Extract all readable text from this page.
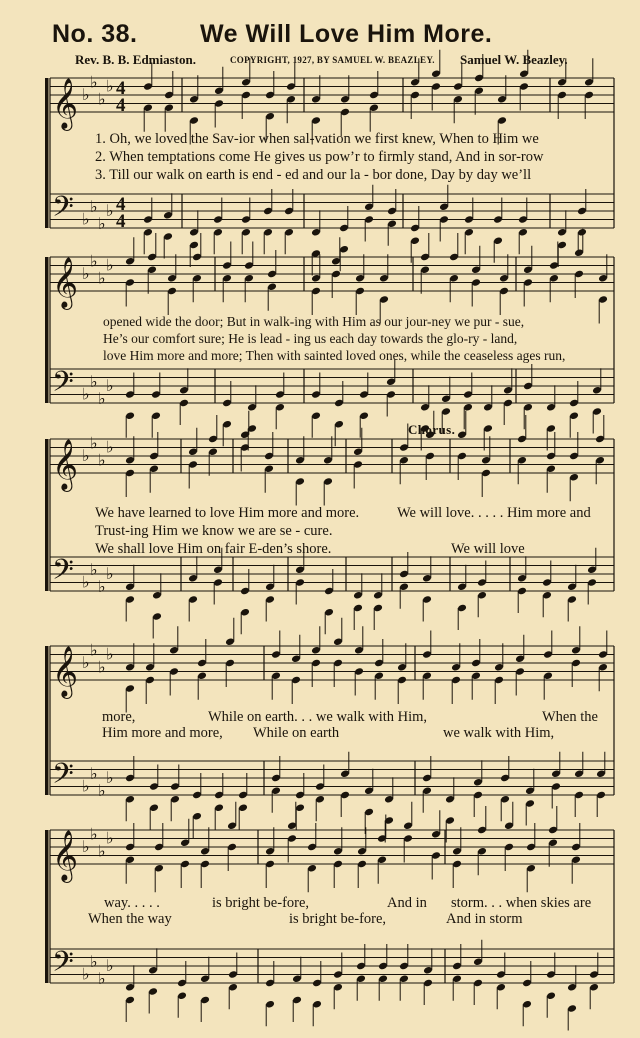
No. 38.	We Will Love Him More.
Rev. B. B. Edmiaston.	COPYRIGHT, 1927, BY SAMUEL W. BEAZLEY. Samuel W. Beazley.
𝄞 ♭
♭
♭
♭ 4
4
𝄢 ♭
♭
♭
♭ 4
4
𝄞 ♭
♭
♭
♭
𝄢 ♭
♭
♭
♭
𝄞 ♭
♭
♭
♭
𝄢 ♭
♭
♭
♭
𝄞 ♭
♭
♭
♭
𝄢 ♭
♭
♭
♭
𝄞 ♭
♭
♭
♭
𝄢 ♭
♭
♭
♭
1. Oh, we loved the Sav-ior when sal-vation we first knew, When to Him we
2. When temptations come He gives us pow’r to firmly stand, And in sor-row
3. Till our walk on earth is end - ed and our la - bor done, Day by day we’ll
opened wide the door; But in walk-ing with Him as our jour-ney we pur - sue,
He’s our comfort sure; He is lead - ing us each day towards the glo-ry - land,
love Him more and more; Then with sainted loved ones, while the ceaseless ages run,
Chorus.
We have learned to love Him more and more.
Trust-ing Him we know we are se - cure.
We shall love Him on fair E-den’s shore.
We will love. . . . . Him more and
We will love
more,	While on earth. . . we walk with Him,	When the
Him more and more, While on earth	we walk with Him,
way. . . . .	is bright be-fore,	And in storm. . . when skies are
When the way	is bright be-fore,	And in storm
